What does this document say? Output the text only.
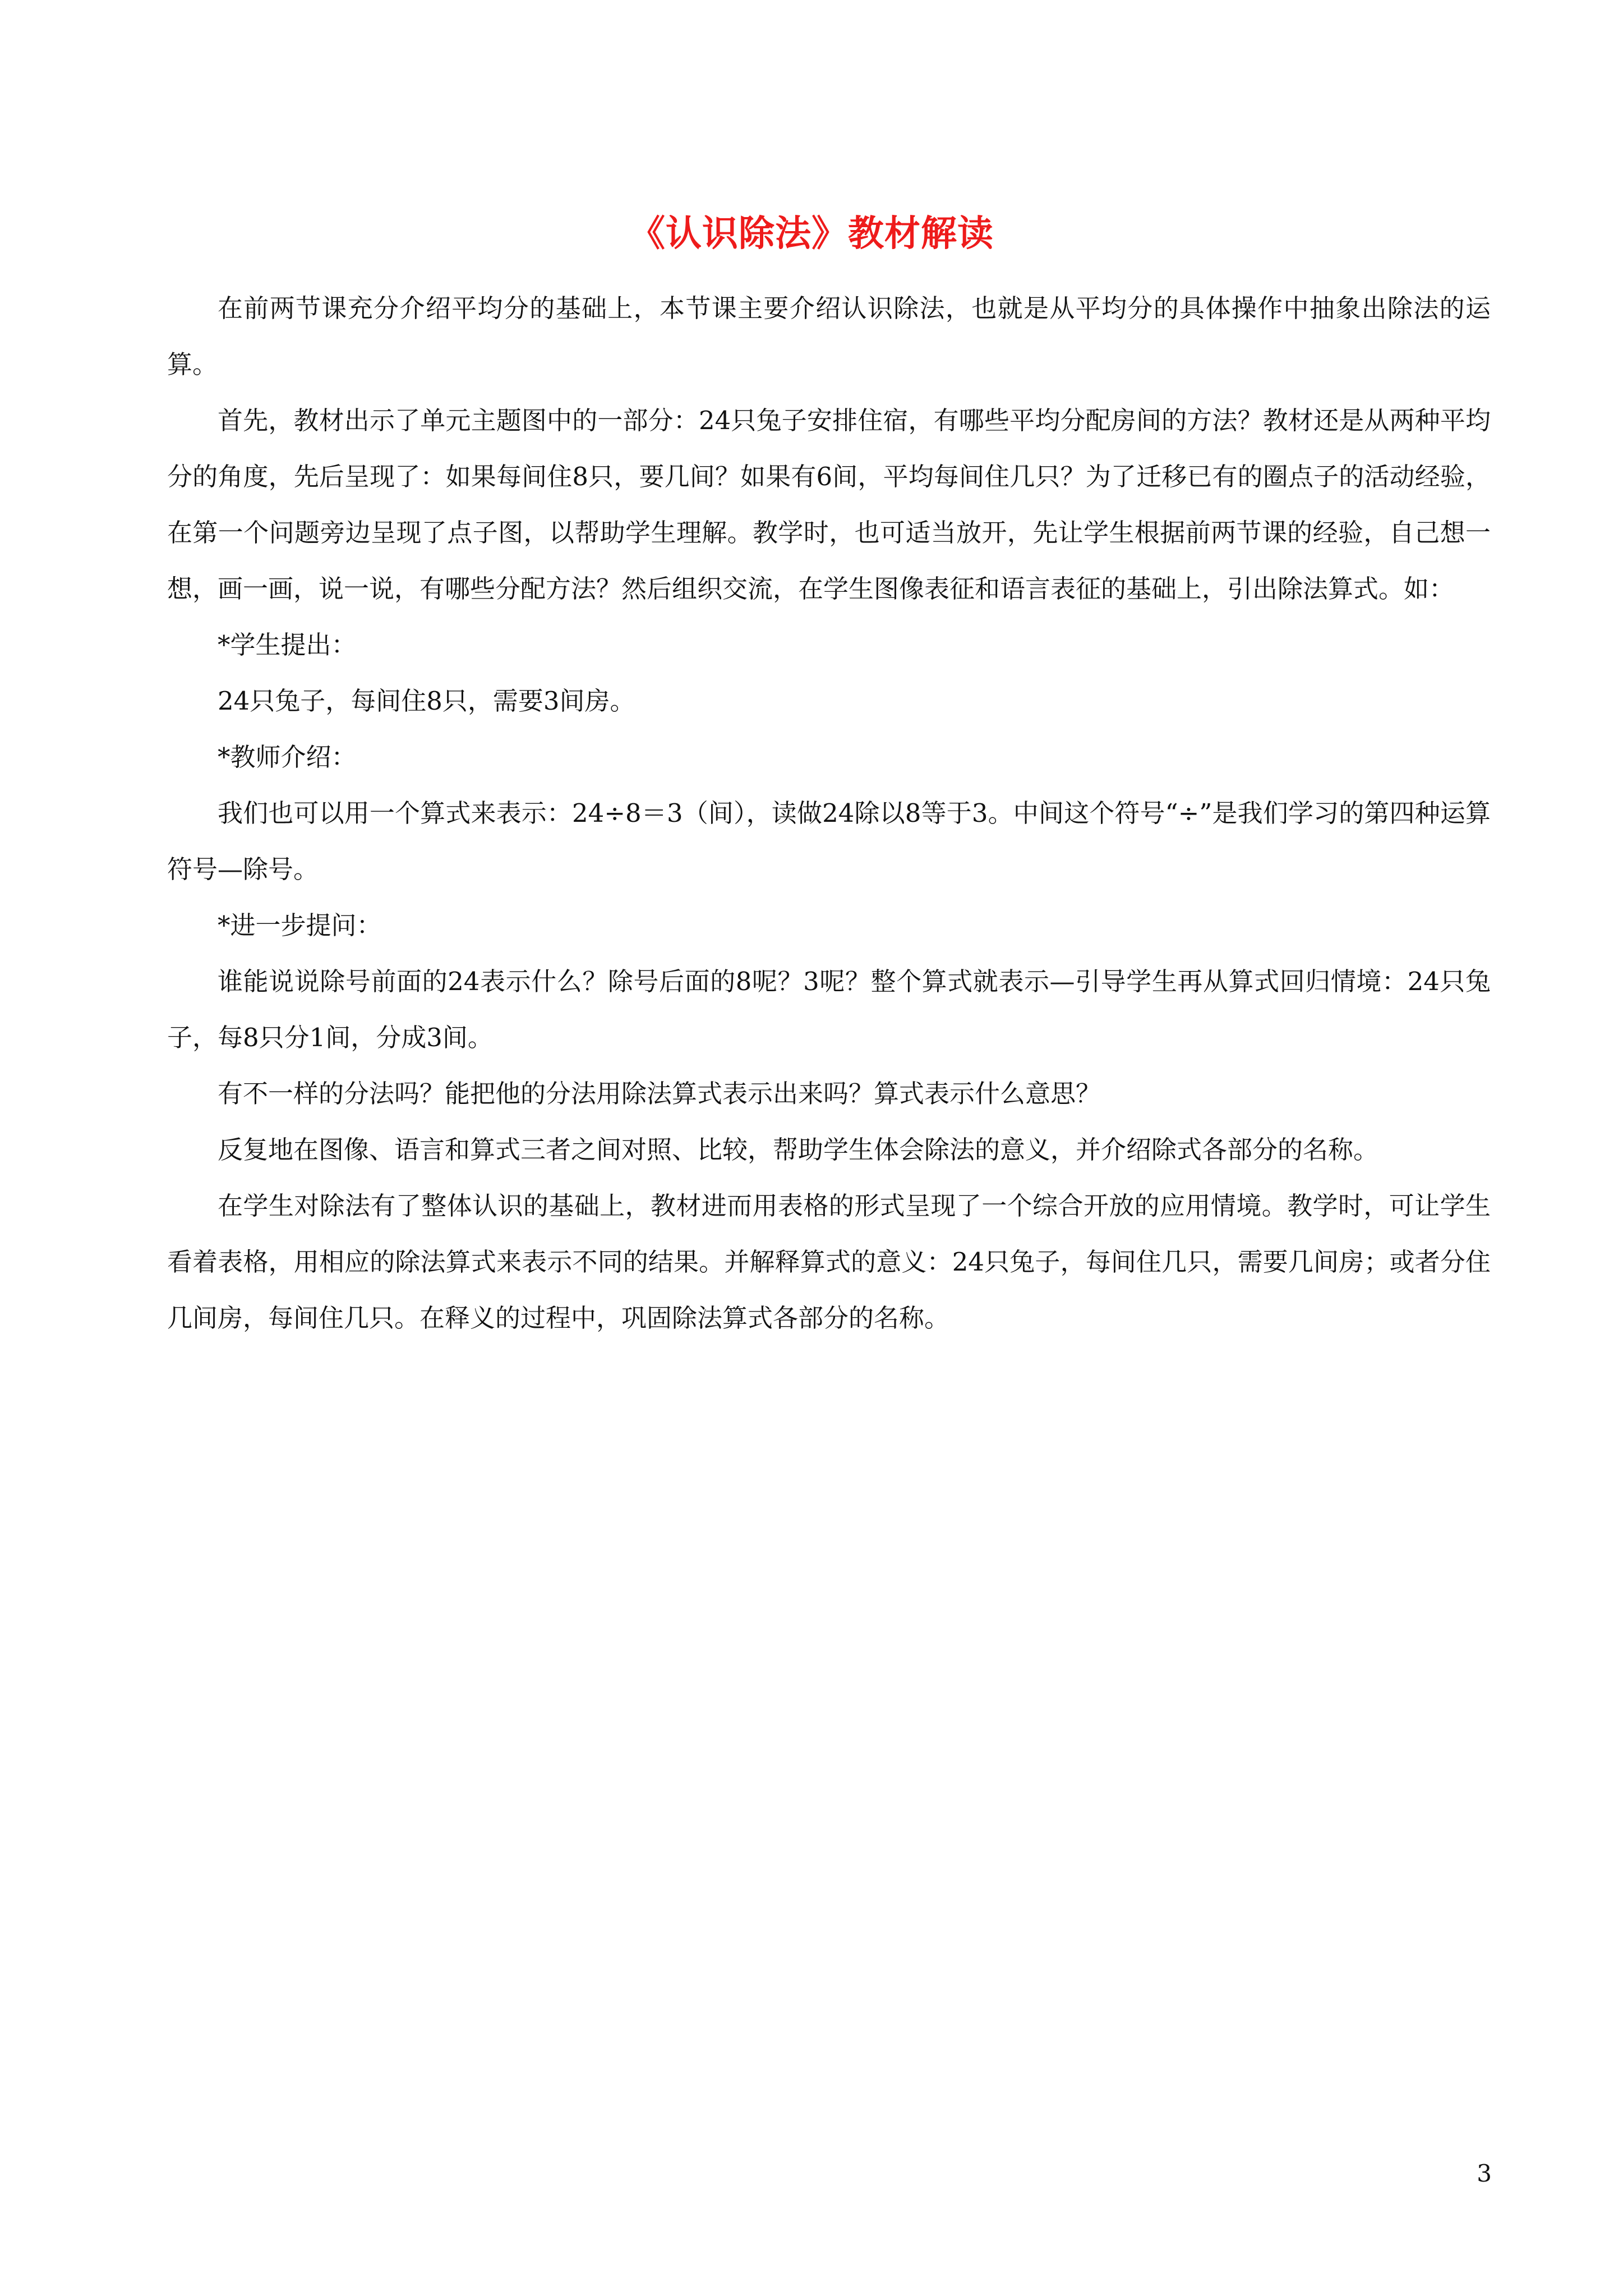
《认识除法》教材解读

在前两节课充分介绍平均分的基础上，本节课主要介绍认识除法，也就是从平均分的具体操作中抽象出除法的运算。

首先，教材出示了单元主题图中的一部分：24只兔子安排住宿，有哪些平均分配房间的方法？教材还是从两种平均分的角度，先后呈现了：如果每间住8只，要几间？如果有6间，平均每间住几只？为了迁移已有的圈点子的活动经验，在第一个问题旁边呈现了点子图，以帮助学生理解。教学时，也可适当放开，先让学生根据前两节课的经验，自己想一想，画一画，说一说，有哪些分配方法？然后组织交流，在学生图像表征和语言表征的基础上，引出除法算式。如：

*学生提出：

24只兔子，每间住8只，需要3间房。

*教师介绍：

我们也可以用一个算式来表示：24÷8＝3（间），读做24除以8等于3。中间这个符号“÷”是我们学习的第四种运算符号—除号。

*进一步提问：

谁能说说除号前面的24表示什么？除号后面的8呢？3呢？整个算式就表示—引导学生再从算式回归情境：24只兔子，每8只分1间，分成3间。

有不一样的分法吗？能把他的分法用除法算式表示出来吗？算式表示什么意思？

反复地在图像、语言和算式三者之间对照、比较，帮助学生体会除法的意义，并介绍除式各部分的名称。

在学生对除法有了整体认识的基础上，教材进而用表格的形式呈现了一个综合开放的应用情境。教学时，可让学生看着表格，用相应的除法算式来表示不同的结果。并解释算式的意义：24只兔子，每间住几只，需要几间房；或者分住几间房，每间住几只。在释义的过程中，巩固除法算式各部分的名称。

3
